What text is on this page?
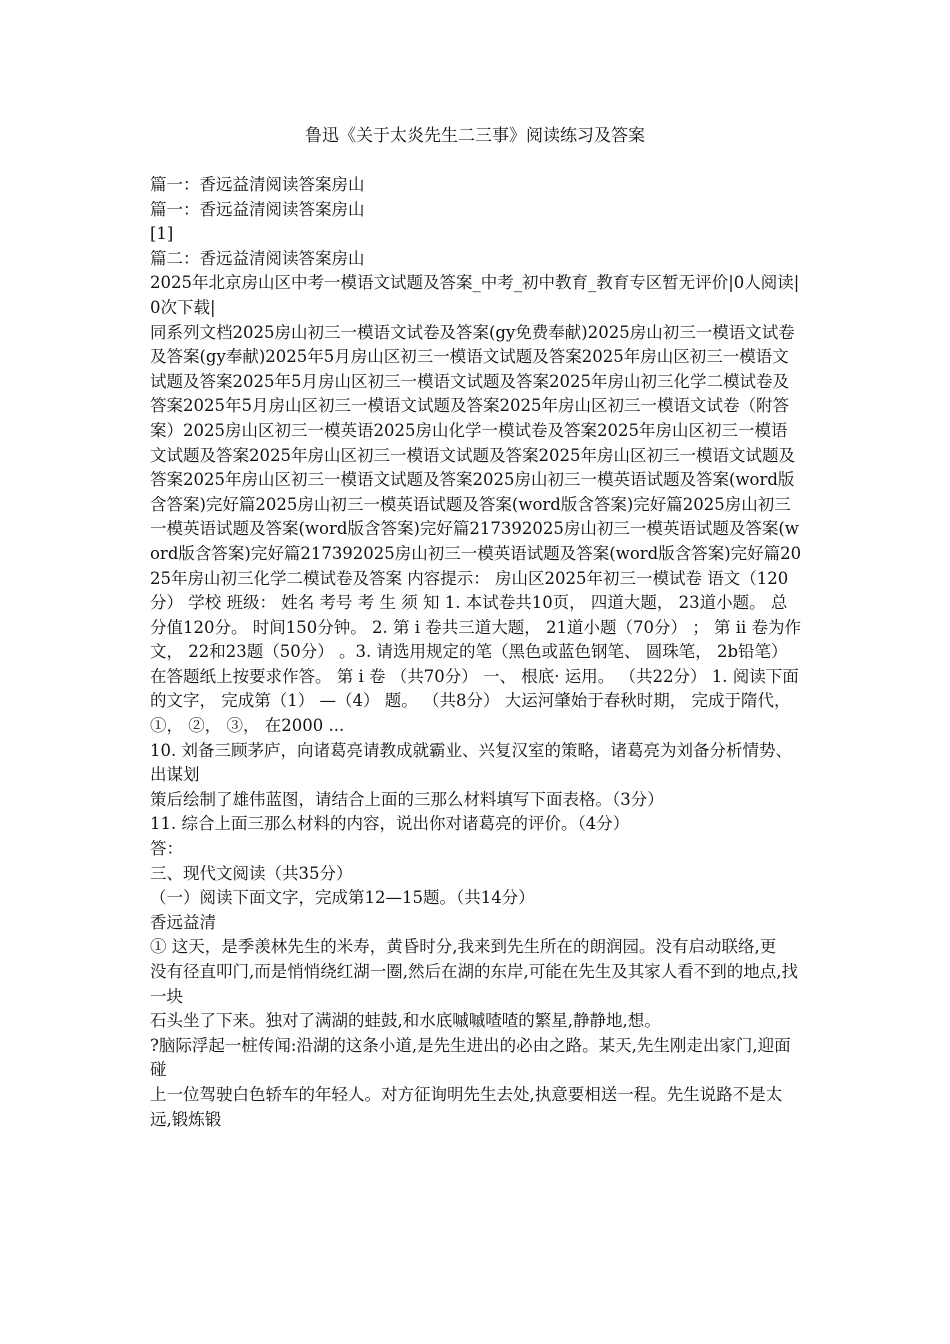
鲁迅《关于太炎先生二三事》阅读练习及答案

篇一：香远益清阅读答案房山

篇一：香远益清阅读答案房山

[1]

篇二：香远益清阅读答案房山

2025年北京房山区中考一模语文试题及答案_中考_初中教育_教育专区暂无评价|0人阅读|0次下载|

同系列文档2025房山初三一模语文试卷及答案(gy免费奉献)2025房山初三一模语文试卷及答案(gy奉献)2025年5月房山区初三一模语文试题及答案2025年房山区初三一模语文试题及答案2025年5月房山区初三一模语文试题及答案2025年房山初三化学二模试卷及答案2025年5月房山区初三一模语文试题及答案2025年房山区初三一模语文试卷（附答案）2025房山区初三一模英语2025房山化学一模试卷及答案2025年房山区初三一模语文试题及答案2025年房山区初三一模语文试题及答案2025年房山区初三一模语文试题及答案2025年房山区初三一模语文试题及答案2025房山初三一模英语试题及答案(word版含答案)完好篇2025房山初三一模英语试题及答案(word版含答案)完好篇2025房山初三一模英语试题及答案(word版含答案)完好篇217392025房山初三一模英语试题及答案(word版含答案)完好篇217392025房山初三一模英语试题及答案(word版含答案)完好篇2025年房山初三化学二模试卷及答案 内容提示： 房山区2025年初三一模试卷 语文（120分） 学校 班级： 姓名 考号 考 生 须 知 1. 本试卷共10页， 四道大题， 23道小题。 总分值120分。 时间150分钟。 2. 第 i 卷共三道大题， 21道小题（70分） ； 第 ii 卷为作文， 22和23题（50分） 。3. 请选用规定的笔（黑色或蓝色钢笔、 圆珠笔， 2b铅笔） 在答题纸上按要求作答。 第 i 卷 （共70分） 一、 根底· 运用。 （共22分） 1. 阅读下面的文字， 完成第（1） —（4） 题。 （共8分） 大运河肇始于春秋时期， 完成于隋代， ①， ②， ③， 在2000 ...

10. 刘备三顾茅庐，向诸葛亮请教成就霸业、兴复汉室的策略，诸葛亮为刘备分析情势、出谋划

策后绘制了雄伟蓝图，请结合上面的三那么材料填写下面表格。（3分）

11. 综合上面三那么材料的内容，说出你对诸葛亮的评价。（4分）

答：

三、现代文阅读（共35分）

（一）阅读下面文字，完成第12—15题。（共14分）

香远益清

① 这天，是季羡林先生的米寿，黄昏时分,我来到先生所在的朗润园。没有启动联络,更

没有径直叩门,而是悄悄绕红湖一圈,然后在湖的东岸,可能在先生及其家人看不到的地点,找一块

石头坐了下来。独对了满湖的蛙鼓,和水底嘁嘁喳喳的繁星,静静地,想。

?脑际浮起一桩传闻:沿湖的这条小道,是先生进出的必由之路。某天,先生刚走出家门,迎面碰

上一位驾驶白色轿车的年轻人。对方征询明先生去处,执意要相送一程。先生说路不是太远,锻炼锻
